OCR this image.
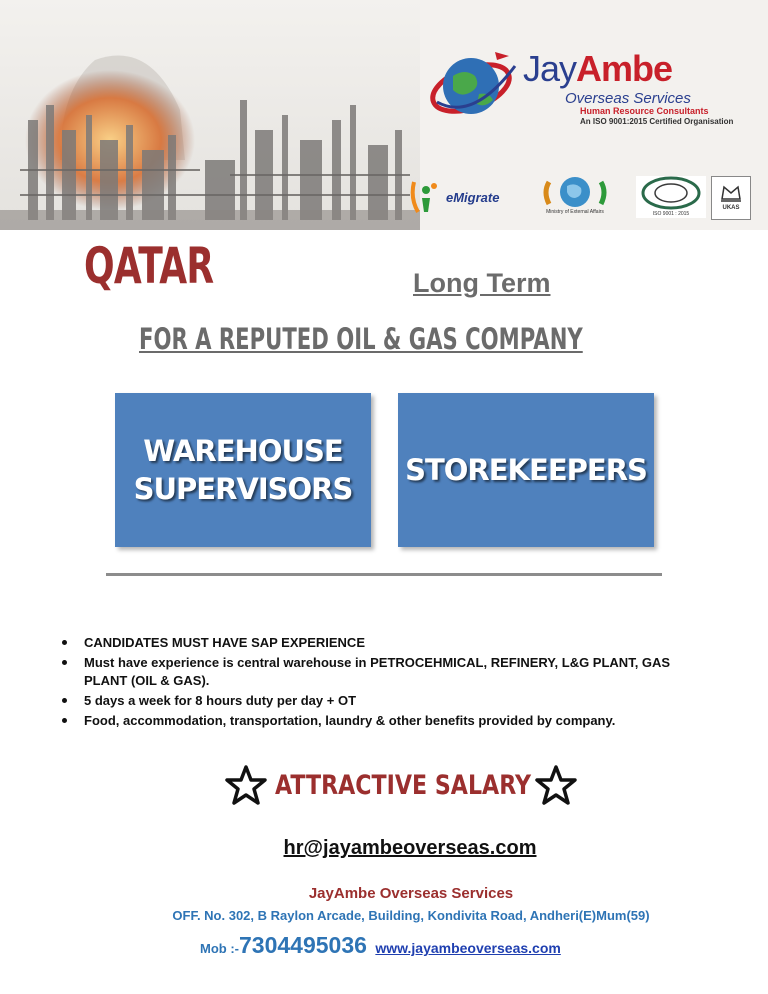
JayAmbe
Overseas Services
Human Resource Consultants
An ISO 9001:2015 Certified Organisation
eMigrate
Ministry of External Affairs	ISO 9001 : 2015
UKAS
QATAR	Long Term
FOR A REPUTED OIL & GAS COMPANY
WAREHOUSE SUPERVISORS
STOREKEEPERS
CANDIDATES MUST HAVE SAP EXPERIENCE
Must have experience is central warehouse in PETROCEHMICAL, REFINERY, L&G PLANT, GAS PLANT (OIL & GAS).
5 days a week for 8 hours duty per day + OT
Food, accommodation, transportation, laundry & other benefits provided by company.
ATTRACTIVE SALARY
hr@jayambeoverseas.com
JayAmbe Overseas Services
OFF. No. 302, B Raylon Arcade, Building, Kondivita Road, Andheri(E)Mum(59)
Mob :-7304495036 www.jayambeoverseas.com
